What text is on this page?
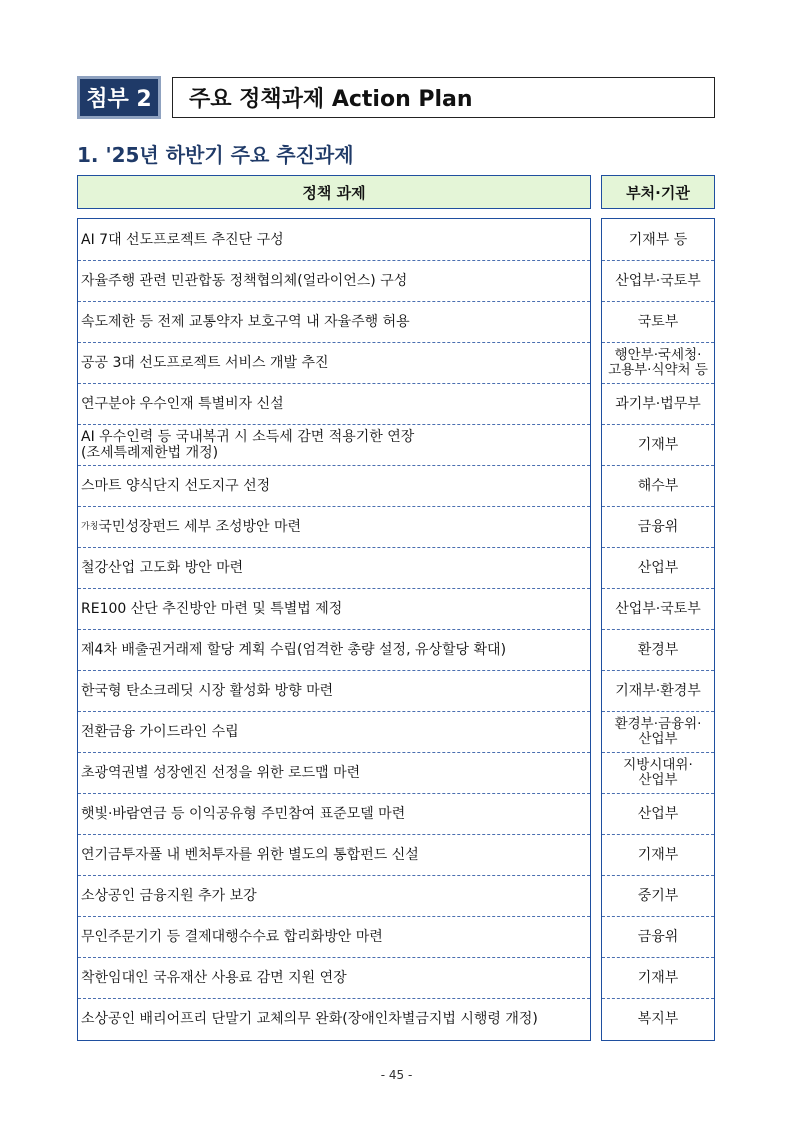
첨부 2	주요 정책과제 Action Plan
1. '25년 하반기 주요 추진과제
정책 과제	부처·기관
AI 7대 선도프로젝트 추진단 구성
자율주행 관련 민관합동 정책협의체(얼라이언스) 구성
속도제한 등 전제 교통약자 보호구역 내 자율주행 허용
공공 3대 선도프로젝트 서비스 개발 추진
연구분야 우수인재 특별비자 신설
AI 우수인력 등 국내복귀 시 소득세 감면 적용기한 연장
(조세특례제한법 개정)
스마트 양식단지 선도지구 선정
가칭 국민성장펀드 세부 조성방안 마련
철강산업 고도화 방안 마련
RE100 산단 추진방안 마련 및 특별법 제정
제4차 배출권거래제 할당 계획 수립(엄격한 총량 설정, 유상할당 확대)
한국형 탄소크레딧 시장 활성화 방향 마련
전환금융 가이드라인 수립
초광역권별 성장엔진 선정을 위한 로드맵 마련
햇빛·바람연금 등 이익공유형 주민참여 표준모델 마련
연기금투자풀 내 벤처투자를 위한 별도의 통합펀드 신설
소상공인 금융지원 추가 보강
무인주문기기 등 결제대행수수료 합리화방안 마련
착한임대인 국유재산 사용료 감면 지원 연장
소상공인 배리어프리 단말기 교체의무 완화(장애인차별금지법 시행령 개정)
기재부 등
산업부·국토부
국토부
행안부·국세청·
고용부·식약처 등
과기부·법무부
기재부
해수부
금융위
산업부
산업부·국토부
환경부
기재부·환경부
환경부·금융위·
산업부
지방시대위·
산업부
산업부
기재부
중기부
금융위
기재부
복지부
- 45 -
